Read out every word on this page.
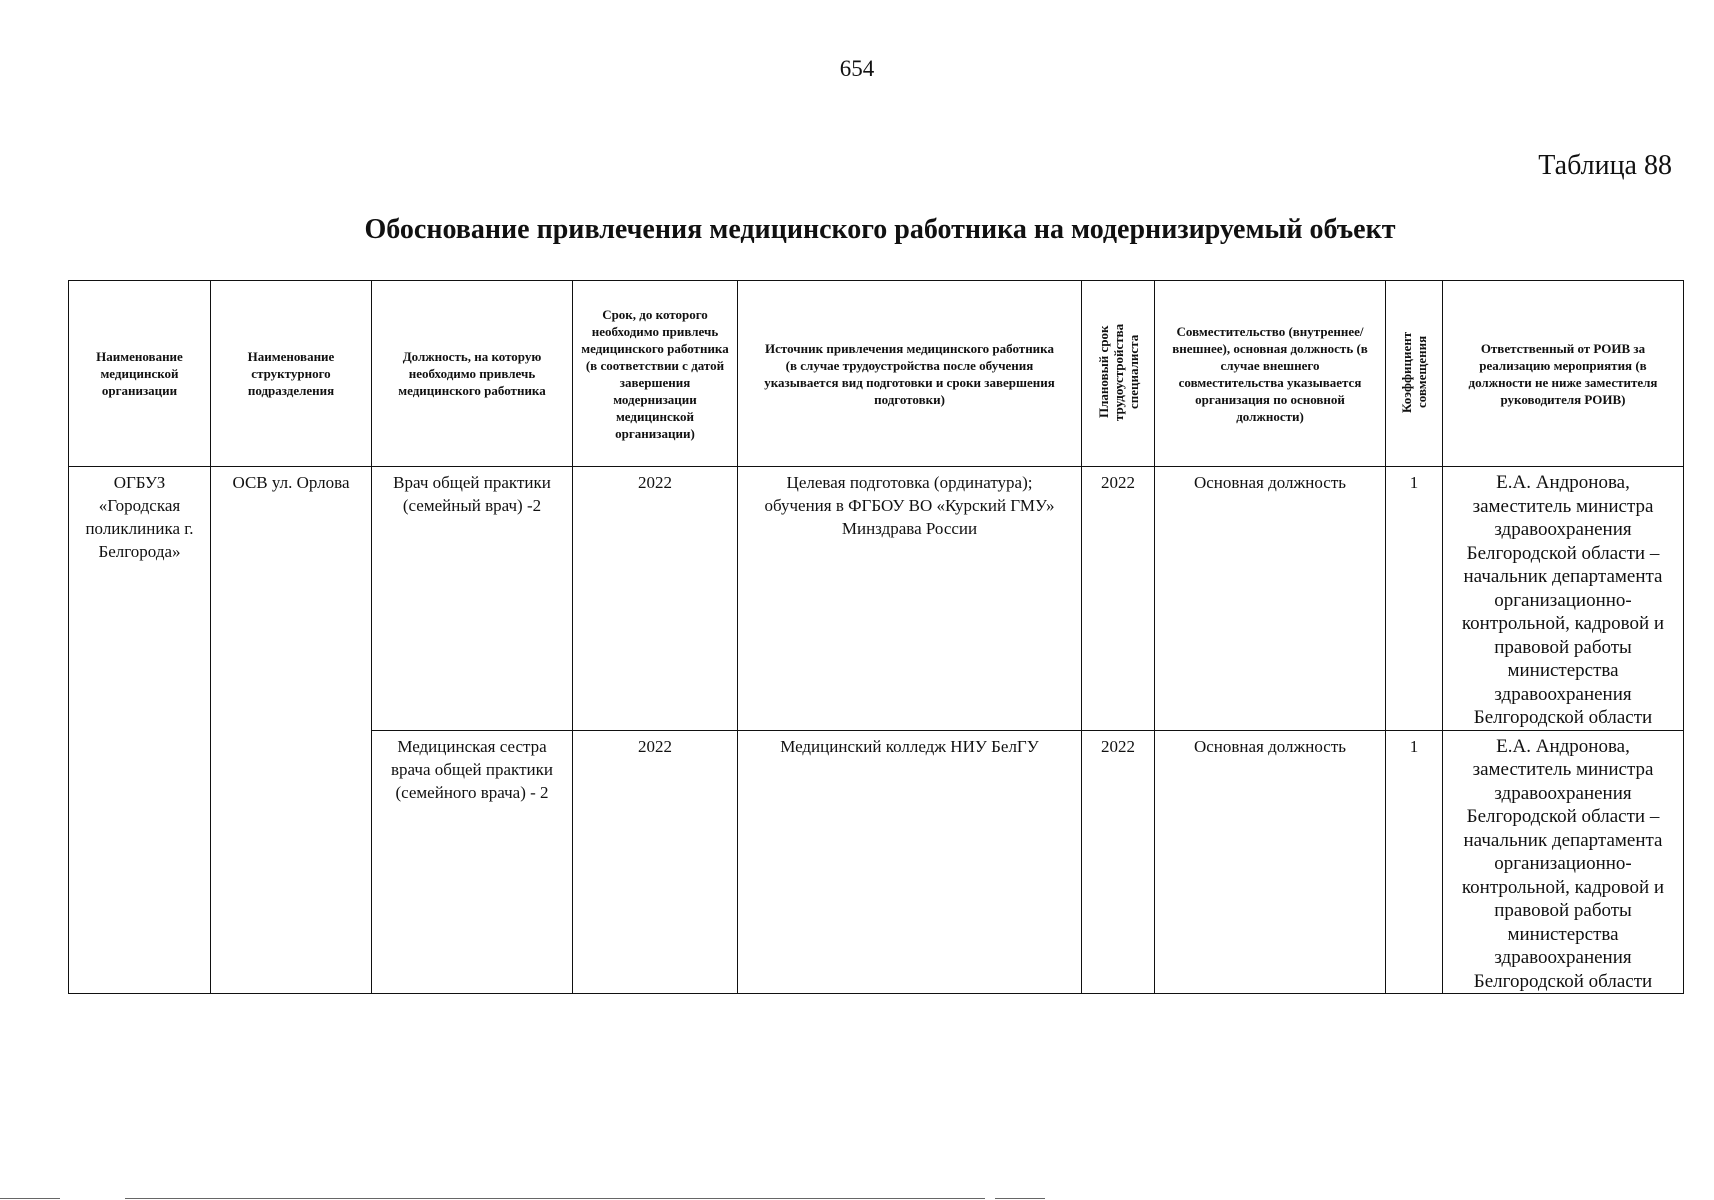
654
Таблица 88
Обоснование привлечения медицинского работника на модернизируемый объект
Наименование медицинской организации	Наименование структурного подразделения	Должность, на которую необходимо привлечь медицинского работника	Срок, до которого необходимо привлечь медицинского работника (в соответствии с датой завершения модернизации медицинской организации)	Источник привлечения медицинского работника (в случае трудоустройства после обучения указывается вид подготовки и сроки завершения подготовки)	Плановый срок трудоустройства специалиста	Совместительство (внутреннее/ внешнее), основная должность (в случае внешнего совместительства указывается организация по основной должности)	Коэффициент совмещения	Ответственный от РОИВ за реализацию мероприятия (в должности не ниже заместителя руководителя РОИВ)
ОГБУЗ «Городская поликлиника г. Белгорода»	ОСВ ул. Орлова	Врач общей практики (семейный врач) -2	2022	Целевая подготовка (ординатура); обучения в ФГБОУ ВО «Курский ГМУ» Минздрава России	2022	Основная должность	1	Е.А. Андронова, заместитель министра здравоохранения Белгородской области – начальник департамента организационно-контрольной, кадровой и правовой работы министерства здравоохранения Белгородской области
		Медицинская сестра врача общей практики (семейного врача) - 2	2022	Медицинский колледж НИУ БелГУ	2022	Основная должность	1	Е.А. Андронова, заместитель министра здравоохранения Белгородской области – начальник департамента организационно-контрольной, кадровой и правовой работы министерства здравоохранения Белгородской области
